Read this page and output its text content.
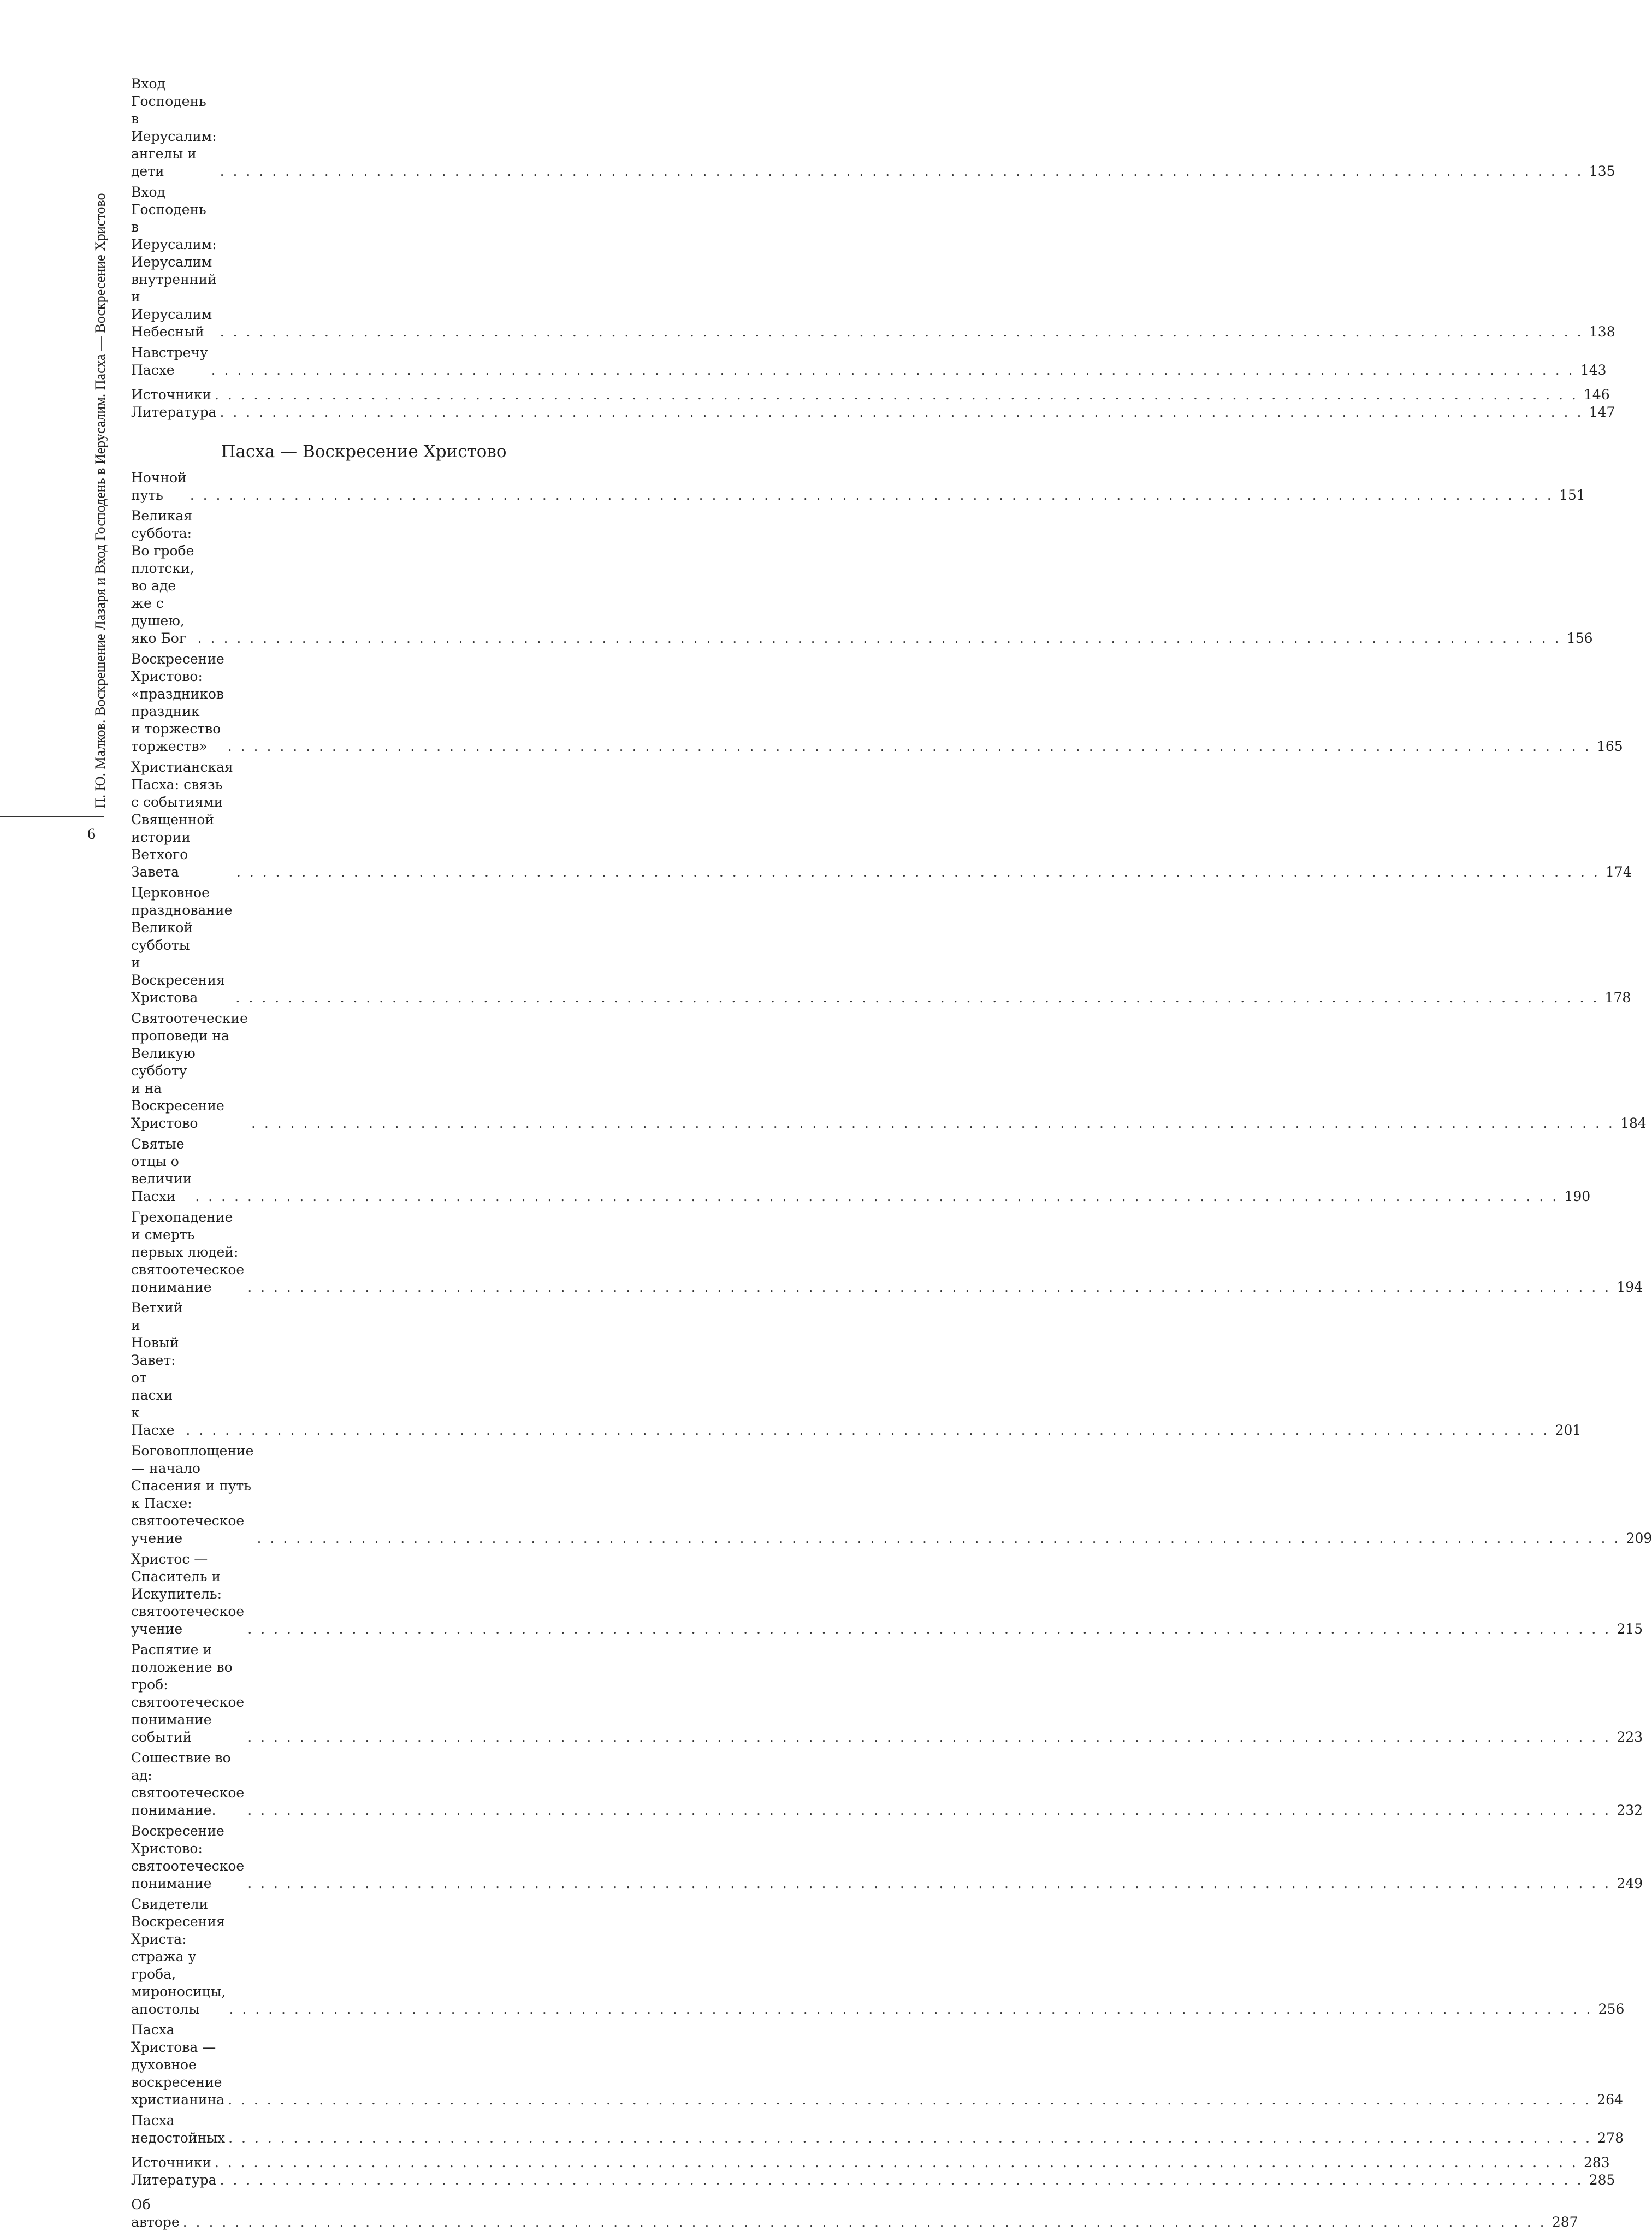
П. Ю. Малков. Воскрешение Лазаря и Вход Господень в Иерусалим. Пасха — Воскресение Христово
6
Вход Господень в Иерусалим: ангелы и дети . . .	135
Вход Господень в Иерусалим: Иерусалим внутренний
и Иерусалим Небесный . . .	138
Навстречу Пасхе . . .	143
Источники . . .	146
Литература . . .	147
Пасха — Воскресение Христово
Ночной путь . . .	151
Великая суббота: Во гробе плотски, во аде же с душею,
яко Бог . . .	156
Воскресение Христово: «праздников праздник
и торжество торжеств» . . .	165
Христианская Пасха: связь с событиями
Священной истории Ветхого Завета . . .	174
Церковное празднование Великой субботы
и Воскресения Христова . . .	178
Святоотеческие проповеди на Великую субботу
и на Воскресение Христово . . .	184
Святые отцы о величии Пасхи . . .	190
Грехопадение и смерть первых людей:
святоотеческое понимание . . .	194
Ветхий и Новый Завет: от пасхи к Пасхе . . .	201
Боговоплощение — начало Спасения и путь к Пасхе:
святоотеческое учение . . .	209
Христос — Спаситель и Искупитель: святоотеческое учение . . .	215
Распятие и положение во гроб:
святоотеческое понимание событий . . .	223
Сошествие во ад: святоотеческое понимание. . . .	232
Воскресение Христово: святоотеческое понимание . . .	249
Свидетели Воскресения Христа: стража у гроба,
мироносицы, апостолы . . .	256
Пасха Христова — духовное воскресение христианина . . .	264
Пасха недостойных . . .	278
Источники . . .	283
Литература . . .	285
Об авторе . . .	287
